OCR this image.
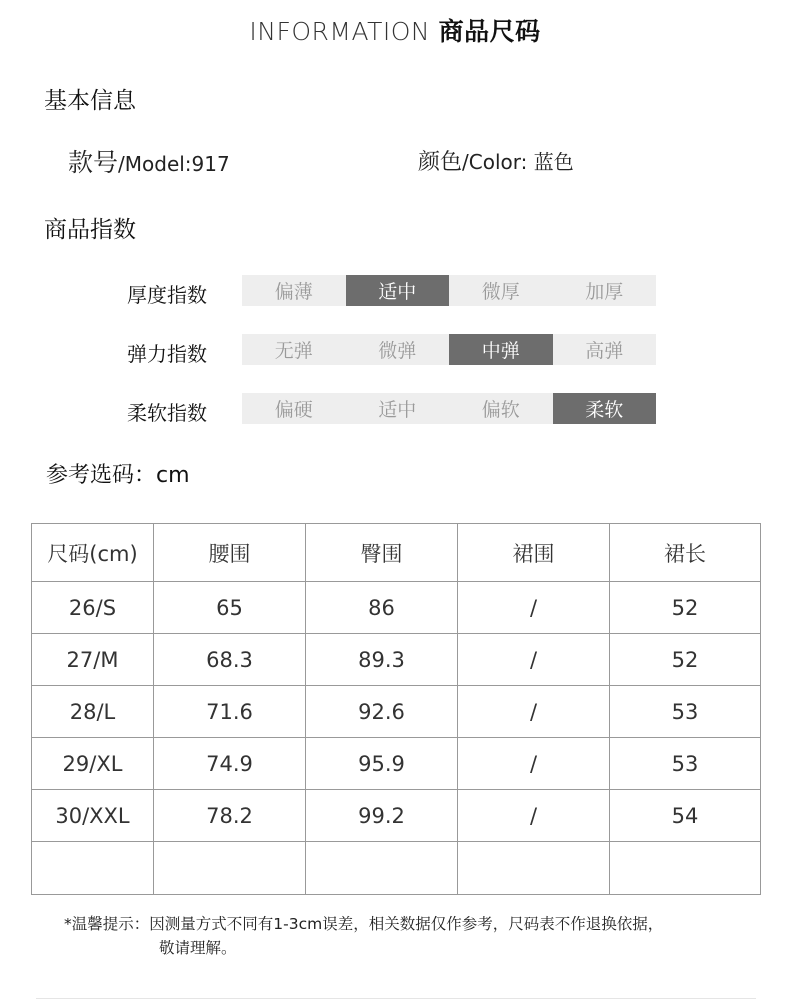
INFORMATION 商品尺码
基本信息
款号/Model:917	颜色/Color: 蓝色
商品指数
厚度指数	偏薄	适中	微厚	加厚
弹力指数	无弹	微弹	中弹	高弹
柔软指数	偏硬	适中	偏软	柔软
参考选码：cm
尺码(cm)	腰围	臀围	裙围	裙长
26/S	65	86	/	52
27/M	68.3	89.3	/	52
28/L	71.6	92.6	/	53
29/XL	74.9	95.9	/	53
30/XXL	78.2	99.2	/	54

*温馨提示：因测量方式不同有1-3cm误差，相关数据仅作参考，尺码表不作退换依据，
敬请理解。
